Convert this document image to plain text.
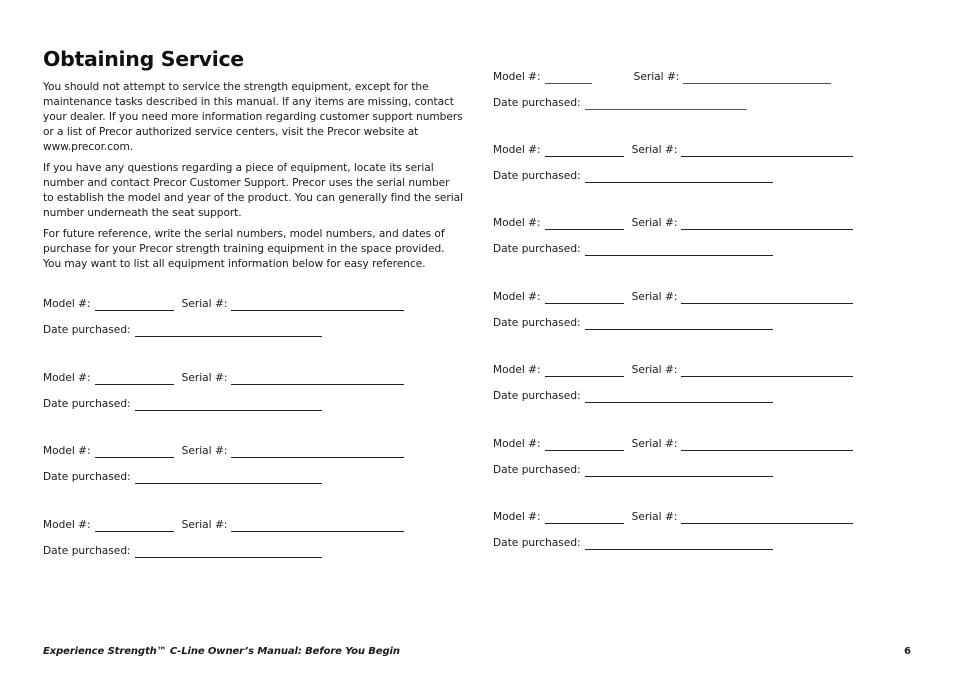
Obtaining Service

You should not attempt to service the strength equipment, except for the maintenance tasks described in this manual. If any items are missing, contact your dealer. If you need more information regarding customer support numbers or a list of Precor authorized service centers, visit the Precor website at www.precor.com.

If you have any questions regarding a piece of equipment, locate its serial number and contact Precor Customer Support. Precor uses the serial number to establish the model and year of the product. You can generally find the serial number underneath the seat support.

For future reference, write the serial numbers, model numbers, and dates of purchase for your Precor strength training equipment in the space provided. You may want to list all equipment information below for easy reference.

Model #:	Serial #:
Date purchased:
Model #:	Serial #:
Date purchased:
Model #:	Serial #:
Date purchased:
Model #:	Serial #:
Date purchased:
Model #:	Serial #:
Date purchased:
Model #:	Serial #:
Date purchased:
Model #:	Serial #:
Date purchased:
Model #:	Serial #:
Date purchased:
Model #:	Serial #:
Date purchased:
Model #:	Serial #:
Date purchased:
Model #:	Serial #:
Date purchased:
Experience Strength™ C-Line Owner’s Manual: Before You Begin	6
